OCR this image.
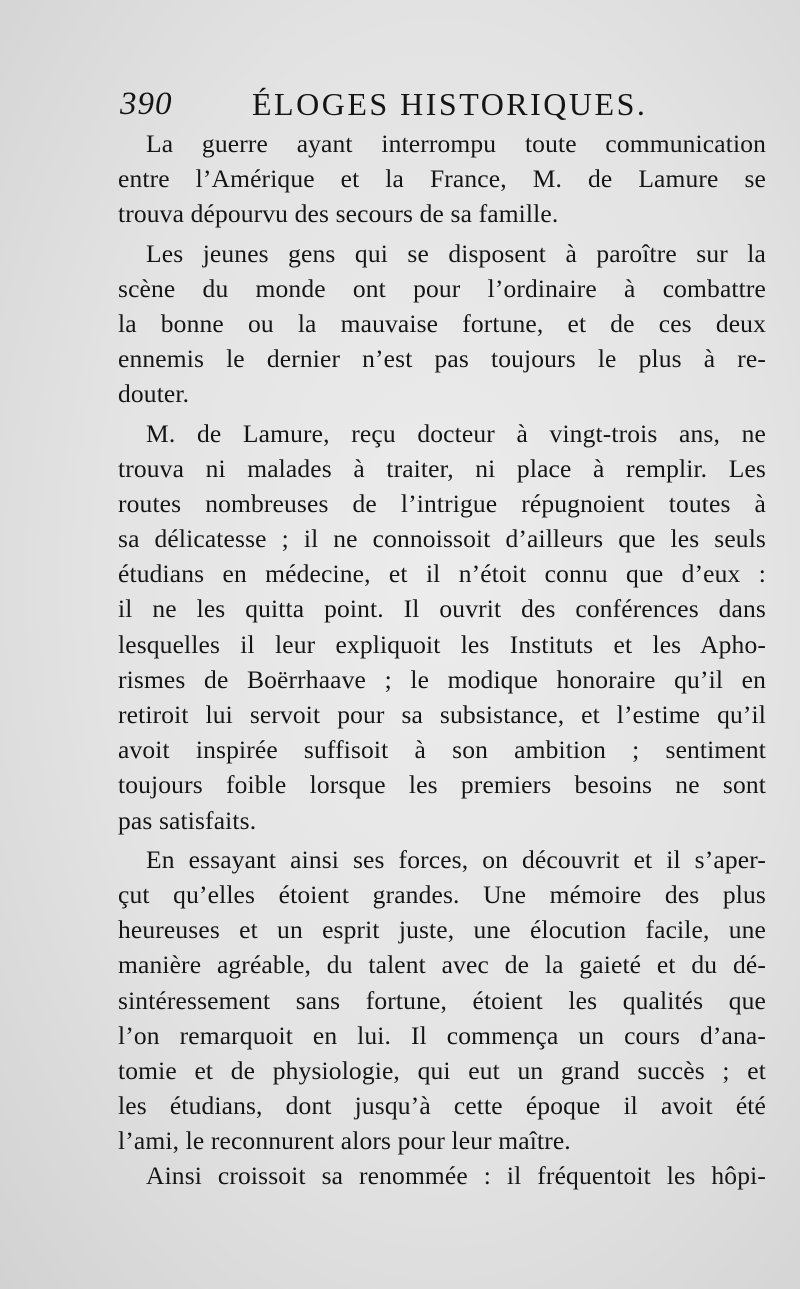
390 ÉLOGES HISTORIQUES.
La guerre ayant interrompu toute communication
entre l’Amérique et la France, M. de Lamure se
trouva dépourvu des secours de sa famille.
Les jeunes gens qui se disposent à paroître sur la
scène du monde ont pour l’ordinaire à combattre
la bonne ou la mauvaise fortune, et de ces deux
ennemis le dernier n’est pas toujours le plus à re-
douter.
M. de Lamure, reçu docteur à vingt-trois ans, ne
trouva ni malades à traiter, ni place à remplir. Les
routes nombreuses de l’intrigue répugnoient toutes à
sa délicatesse ; il ne connoissoit d’ailleurs que les seuls
étudians en médecine, et il n’étoit connu que d’eux :
il ne les quitta point. Il ouvrit des conférences dans
lesquelles il leur expliquoit les Instituts et les Apho-
rismes de Boërrhaave ; le modique honoraire qu’il en
retiroit lui servoit pour sa subsistance, et l’estime qu’il
avoit inspirée suffisoit à son ambition ; sentiment
toujours foible lorsque les premiers besoins ne sont
pas satisfaits.
En essayant ainsi ses forces, on découvrit et il s’aper-
çut qu’elles étoient grandes. Une mémoire des plus
heureuses et un esprit juste, une élocution facile, une
manière agréable, du talent avec de la gaieté et du dé-
sintéressement sans fortune, étoient les qualités que
l’on remarquoit en lui. Il commença un cours d’ana-
tomie et de physiologie, qui eut un grand succès ; et
les étudians, dont jusqu’à cette époque il avoit été
l’ami, le reconnurent alors pour leur maître.
Ainsi croissoit sa renommée : il fréquentoit les hôpi-
